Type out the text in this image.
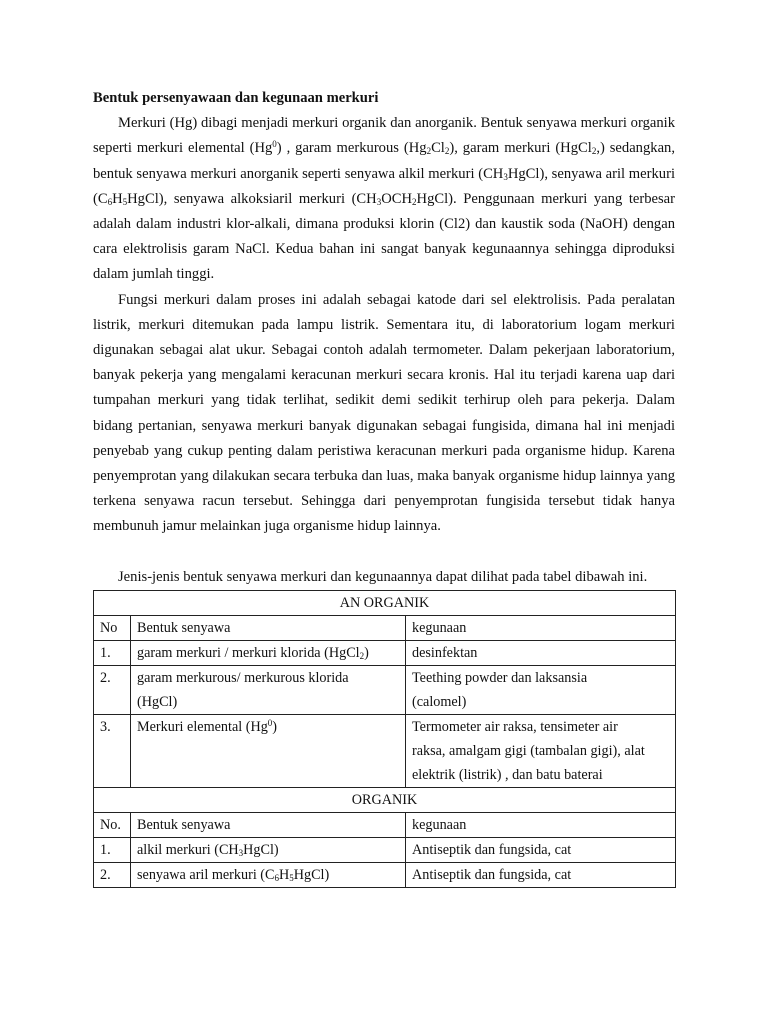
Bentuk persenyawaan dan kegunaan merkuri

Merkuri (Hg) dibagi menjadi merkuri organik dan anorganik. Bentuk senyawa merkuri organik seperti merkuri elemental (Hg$^0$) , garam merkurous $(Hg_2Cl_2)$, garam merkuri (HgCl$_2$,) sedangkan, bentuk senyawa merkuri anorganik seperti senyawa alkil merkuri $(CH_3HgCl)$, senyawa aril merkuri $(C_6H_5HgCl)$, senyawa alkoksiaril merkuri $(CH_3OCH_2HgCl)$. Penggunaan merkuri yang terbesar adalah dalam industri klor-alkali, dimana produksi klorin (Cl2) dan kaustik soda (NaOH) dengan cara elektrolisis garam NaCl. Kedua bahan ini sangat banyak kegunaannya sehingga diproduksi dalam jumlah tinggi.

Fungsi merkuri dalam proses ini adalah sebagai katode dari sel elektrolisis. Pada peralatan listrik, merkuri ditemukan pada lampu listrik. Sementara itu, di laboratorium logam merkuri digunakan sebagai alat ukur. Sebagai contoh adalah termometer. Dalam pekerjaan laboratorium, banyak pekerja yang mengalami keracunan merkuri secara kronis. Hal itu terjadi karena uap dari tumpahan merkuri yang tidak terlihat, sedikit demi sedikit terhirup oleh para pekerja. Dalam bidang pertanian, senyawa merkuri banyak digunakan sebagai fungisida, dimana hal ini menjadi penyebab yang cukup penting dalam peristiwa keracunan merkuri pada organisme hidup. Karena penyemprotan yang dilakukan secara terbuka dan luas, maka banyak organisme hidup lainnya yang terkena senyawa racun tersebut. Sehingga dari penyemprotan fungisida tersebut tidak hanya membunuh jamur melainkan juga organisme hidup lainnya.

Jenis-jenis bentuk senyawa merkuri dan kegunaannya dapat dilihat pada tabel dibawah ini.

AN ORGANIK		
No	Bentuk senyawa	kegunaan
1.	garam merkuri / merkuri klorida (HgCl$_2$)	desinfektan
2.	garam merkurous/ merkurous klorida
(HgCl)	Teething powder dan laksansia
(calomel)

3.	Merkuri elemental (Hg$^0$)	Termometer air raksa, tensimeter air
raksa, amalgam gigi (tambalan gigi), alat
elektrik (listrik) , dan batu baterai

ORGANIK		
No.	Bentuk senyawa	kegunaan
1.	alkil merkuri $(CH_3HgCl)$	Antiseptik dan fungsida, cat
2.	senyawa aril merkuri $(C_6H_5HgCl)$	Antiseptik dan fungsida, cat
